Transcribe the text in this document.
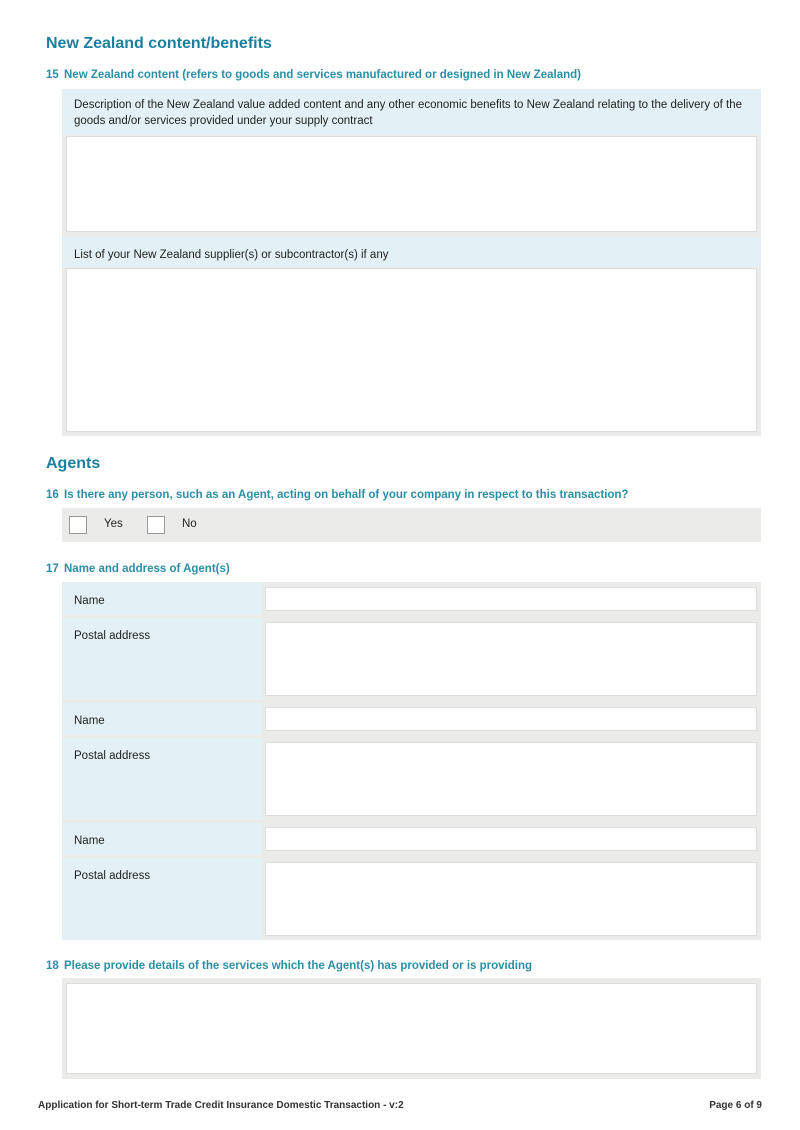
New Zealand content/benefits
15 New Zealand content (refers to goods and services manufactured or designed in New Zealand)
Description of the New Zealand value added content and any other economic benefits to New Zealand relating to the delivery of the goods and/or services provided under your supply contract
List of your New Zealand supplier(s) or subcontractor(s) if any
Agents
16 Is there any person, such as an Agent, acting on behalf of your company in respect to this transaction?
Yes	No
17 Name and address of Agent(s)
Name
Postal address
Name
Postal address
Name
Postal address
18 Please provide details of the services which the Agent(s) has provided or is providing
Application for Short-term Trade Credit Insurance Domestic Transaction - v:2	Page 6 of 9
